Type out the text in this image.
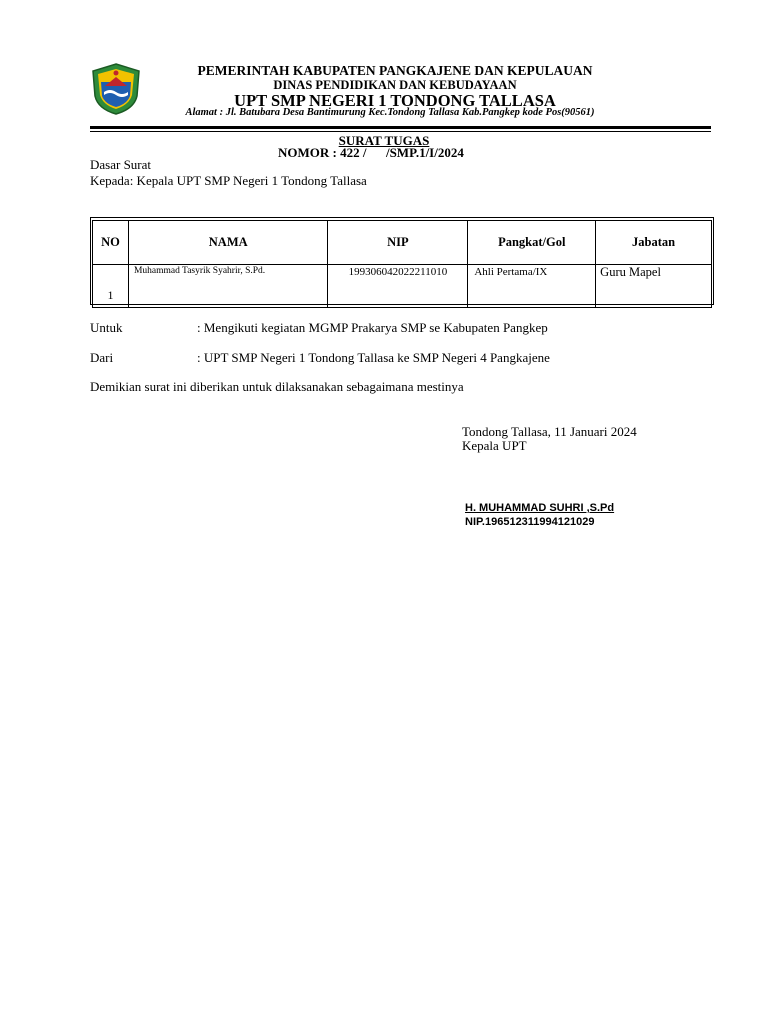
PEMERINTAH KABUPATEN PANGKAJENE DAN KEPULAUAN
DINAS PENDIDIKAN DAN KEBUDAYAAN
UPT SMP NEGERI 1 TONDONG TALLASA
Alamat : Jl. Batubara Desa Bantimurung Kec.Tondong Tallasa Kab.Pangkep kode Pos(90561)
SURAT TUGAS
NOMOR : 422 /      /SMP.1/I/2024
Dasar Surat
Kepada: Kepala UPT SMP Negeri 1 Tondong Tallasa
NO	NAMA	NIP	Pangkat/Gol	Jabatan
1	Muhammad Tasyrik Syahrir, S.Pd.	199306042022211010	Ahli Pertama/IX	Guru Mapel
Untuk	: Mengikuti kegiatan MGMP Prakarya SMP se Kabupaten Pangkep
Dari	: UPT SMP Negeri 1 Tondong Tallasa ke SMP Negeri 4 Pangkajene
Demikian surat ini diberikan untuk dilaksanakan sebagaimana mestinya
Tondong Tallasa, 11 Januari 2024
Kepala UPT
H. MUHAMMAD SUHRI ,S.Pd
NIP.196512311994121029
